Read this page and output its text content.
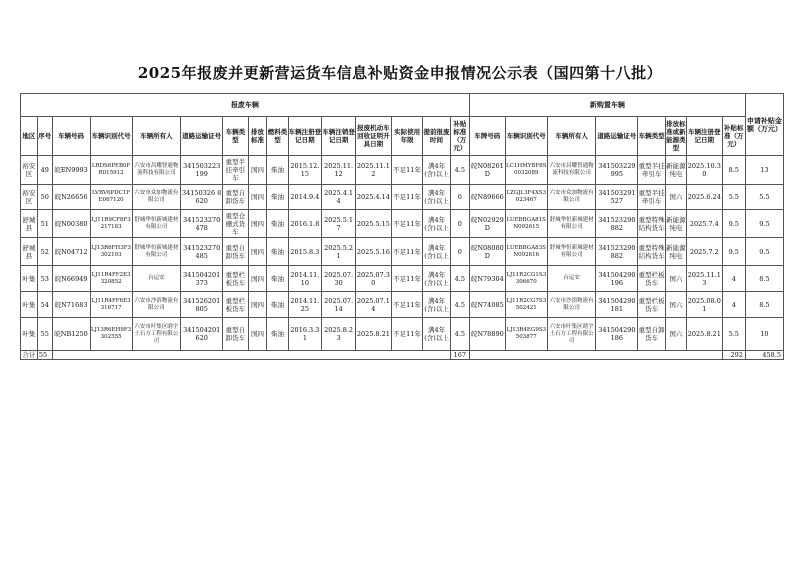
2025年报废并更新营运货车信息补贴资金申报情况公示表（国四第十八批）
报废车辆															新购置车辆								申请补贴金额（万元）
地区	序号	车辆号码	车辆识别代号	车辆所有人	道路运输证号	车辆类型	排放标准	燃料类型	车辆注册登记日期	车辆注销登记日期	报废机动车回收证明开具日期	实际使用年限	提前报废时间	补贴标准（万元）	车牌号码	车辆识别代号	车辆所有人	道路运输证号	车辆类型	排放标准或新能源类型	车辆注册登记日期	补贴标准（万元）	
裕安区	49	皖EN9993	LRDS6PEB0FR015912	六安市昌耀智通物流科技有限公司	341503223199	重型半挂牵引车	国四	柴油	2015.12.15	2025.11.12	2025.11.12	不足11年	满4年(含)以上	4.5	皖N08261D	LC1HMYBF8S0032089	六安市昌耀智通物流科技有限公司	341503229995	重型半挂牵引车	新能源纯电	2025.10.30	8.5	13
裕安区	50	皖N26656	LVBV6PDC1FE067120	六安市众加物流有限公司	34150326 8620	重型自卸货车	国四	柴油	2014.9.4	2025.4.14	2025.4.14	不足11年	满4年(含)以上	0	皖N89666	LZGJL3F4XS3023467	六安市众加物流有限公司	341503291527	重型半挂牵引车	国六	2025.6.24	5.5	5.5
舒城县	51	皖N00380	LJ11R9CF8F3217183	舒城华恒新城建材有限公司	341523270478	重型仓栅式货车	国四	柴油	2016.1.8	2025.5.17	2025.5.15	不足11年	满4年(含)以上	0	皖N02929D	LUEBBGA81SN092615	舒城华恒新城建材有限公司	341523290882	重型特殊结构货车	新能源纯电	2025.7.4	9.5	9.5
舒城县	52	皖N04712	LJ13R6FH3F3302193	舒城华恒新城建材有限公司	341523270485	重型自卸货车	国四	柴油	2015.8.3	2025.5.21	2025.5.16	不足11年	满4年(含)以上	0	皖N08080D	LUEBBGA83SN092616	舒城华恒新城建材有限公司	341523290882	重型特殊结构货车	新能源纯电	2025.7.2	9.5	9.5
叶集	53	皖N66949	LJ11R4FF2E3320852	台运安	341504201373	重型栏板货车	国四	柴油	2014.11.10	2025.07.30	2025.07.30	不足11年	满4年(含)以上	4.5	皖N79304	LJ11R2CG1S3306670	台运安	341504290196	重型栏板货车	国六	2025.11.13	4	8.5
叶集	54	皖N71683	LJ11R4FF6E3316717	六安市沙浴物流有限公司	341526201805	重型栏板货车	国四	柴油	2014.11.25	2025.07.14	2025.07.14	不足11年	满4年(含)以上	4.5	皖N74085	LJ11R2CG7S3502421	六安市沙浴物流有限公司	341504290181	重型栏板货车	国六	2025.08.01	4	8.5
叶集	55	皖NB1250	LJ13R6EH9F3302555	六安市叶集区晗宇土石方工程有限公司	341504201620	重型自卸货车	国四	柴油	2016.3.31	2025.8.23	2025.8.21	不足11年	满4年(含)以上	4.5	皖N78890	LJ13R4EG9S3503877	六安市叶集区晗宇土石方工程有限公司	341504290186	重型自卸货车	国六	2025.8.21	5.5	10
合计	55													167								292	458.5
